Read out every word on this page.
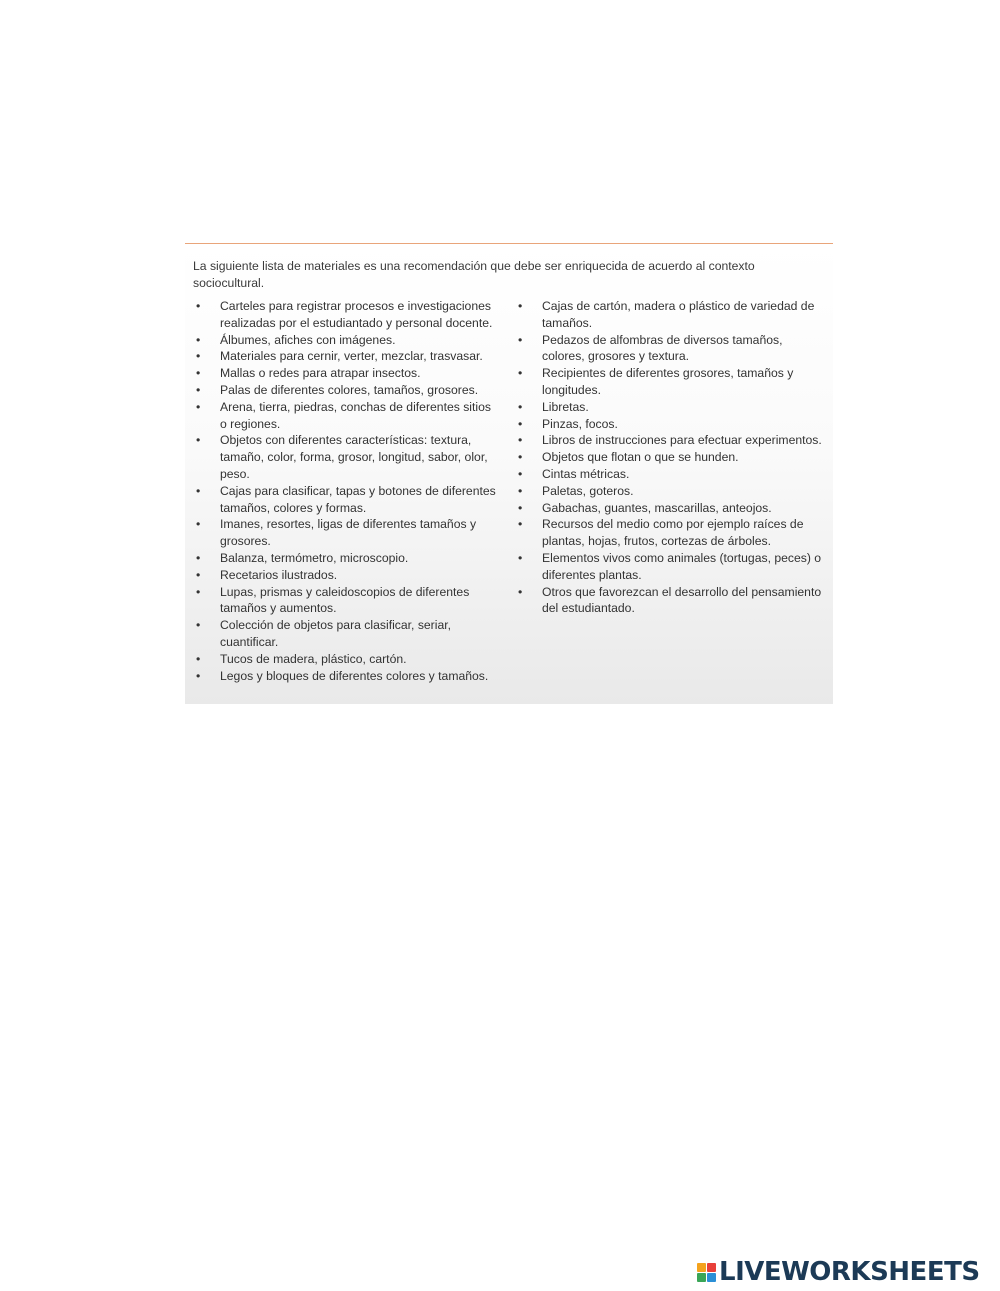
La siguiente lista de materiales es una recomendación que debe ser enriquecida de acuerdo al contexto sociocultural.

• Carteles para registrar procesos e investigaciones realizadas por el estudiantado y personal docente.
• Álbumes, afiches con imágenes.
• Materiales para cernir, verter, mezclar, trasvasar.
• Mallas o redes para atrapar insectos.
• Palas de diferentes colores, tamaños, grosores.
• Arena, tierra, piedras, conchas de diferentes sitios o regiones.
• Objetos con diferentes características: textura, tamaño, color, forma, grosor, longitud, sabor, olor, peso.
• Cajas para clasificar, tapas y botones de diferentes tamaños, colores y formas.
• Imanes, resortes, ligas de diferentes tamaños y grosores.
• Balanza, termómetro, microscopio.
• Recetarios ilustrados.
• Lupas, prismas y caleidoscopios de diferentes tamaños y aumentos.
• Colección de objetos para clasificar, seriar, cuantificar.
• Tucos de madera, plástico, cartón.
• Legos y bloques de diferentes colores y tamaños.
• Cajas de cartón, madera o plástico de variedad de tamaños.
• Pedazos de alfombras de diversos tamaños, colores, grosores y textura.
• Recipientes de diferentes grosores, tamaños y longitudes.
• Libretas.
• Pinzas, focos.
• Libros de instrucciones para efectuar experimentos.
• Objetos que flotan o que se hunden.
• Cintas métricas.
• Paletas, goteros.
• Gabachas, guantes, mascarillas, anteojos.
• Recursos del medio como por ejemplo raíces de plantas, hojas, frutos, cortezas de árboles.
• Elementos vivos como animales (tortugas, peces) o diferentes plantas.
• Otros que favorezcan el desarrollo del pensamiento del estudiantado.
LIVEWORKSHEETS
